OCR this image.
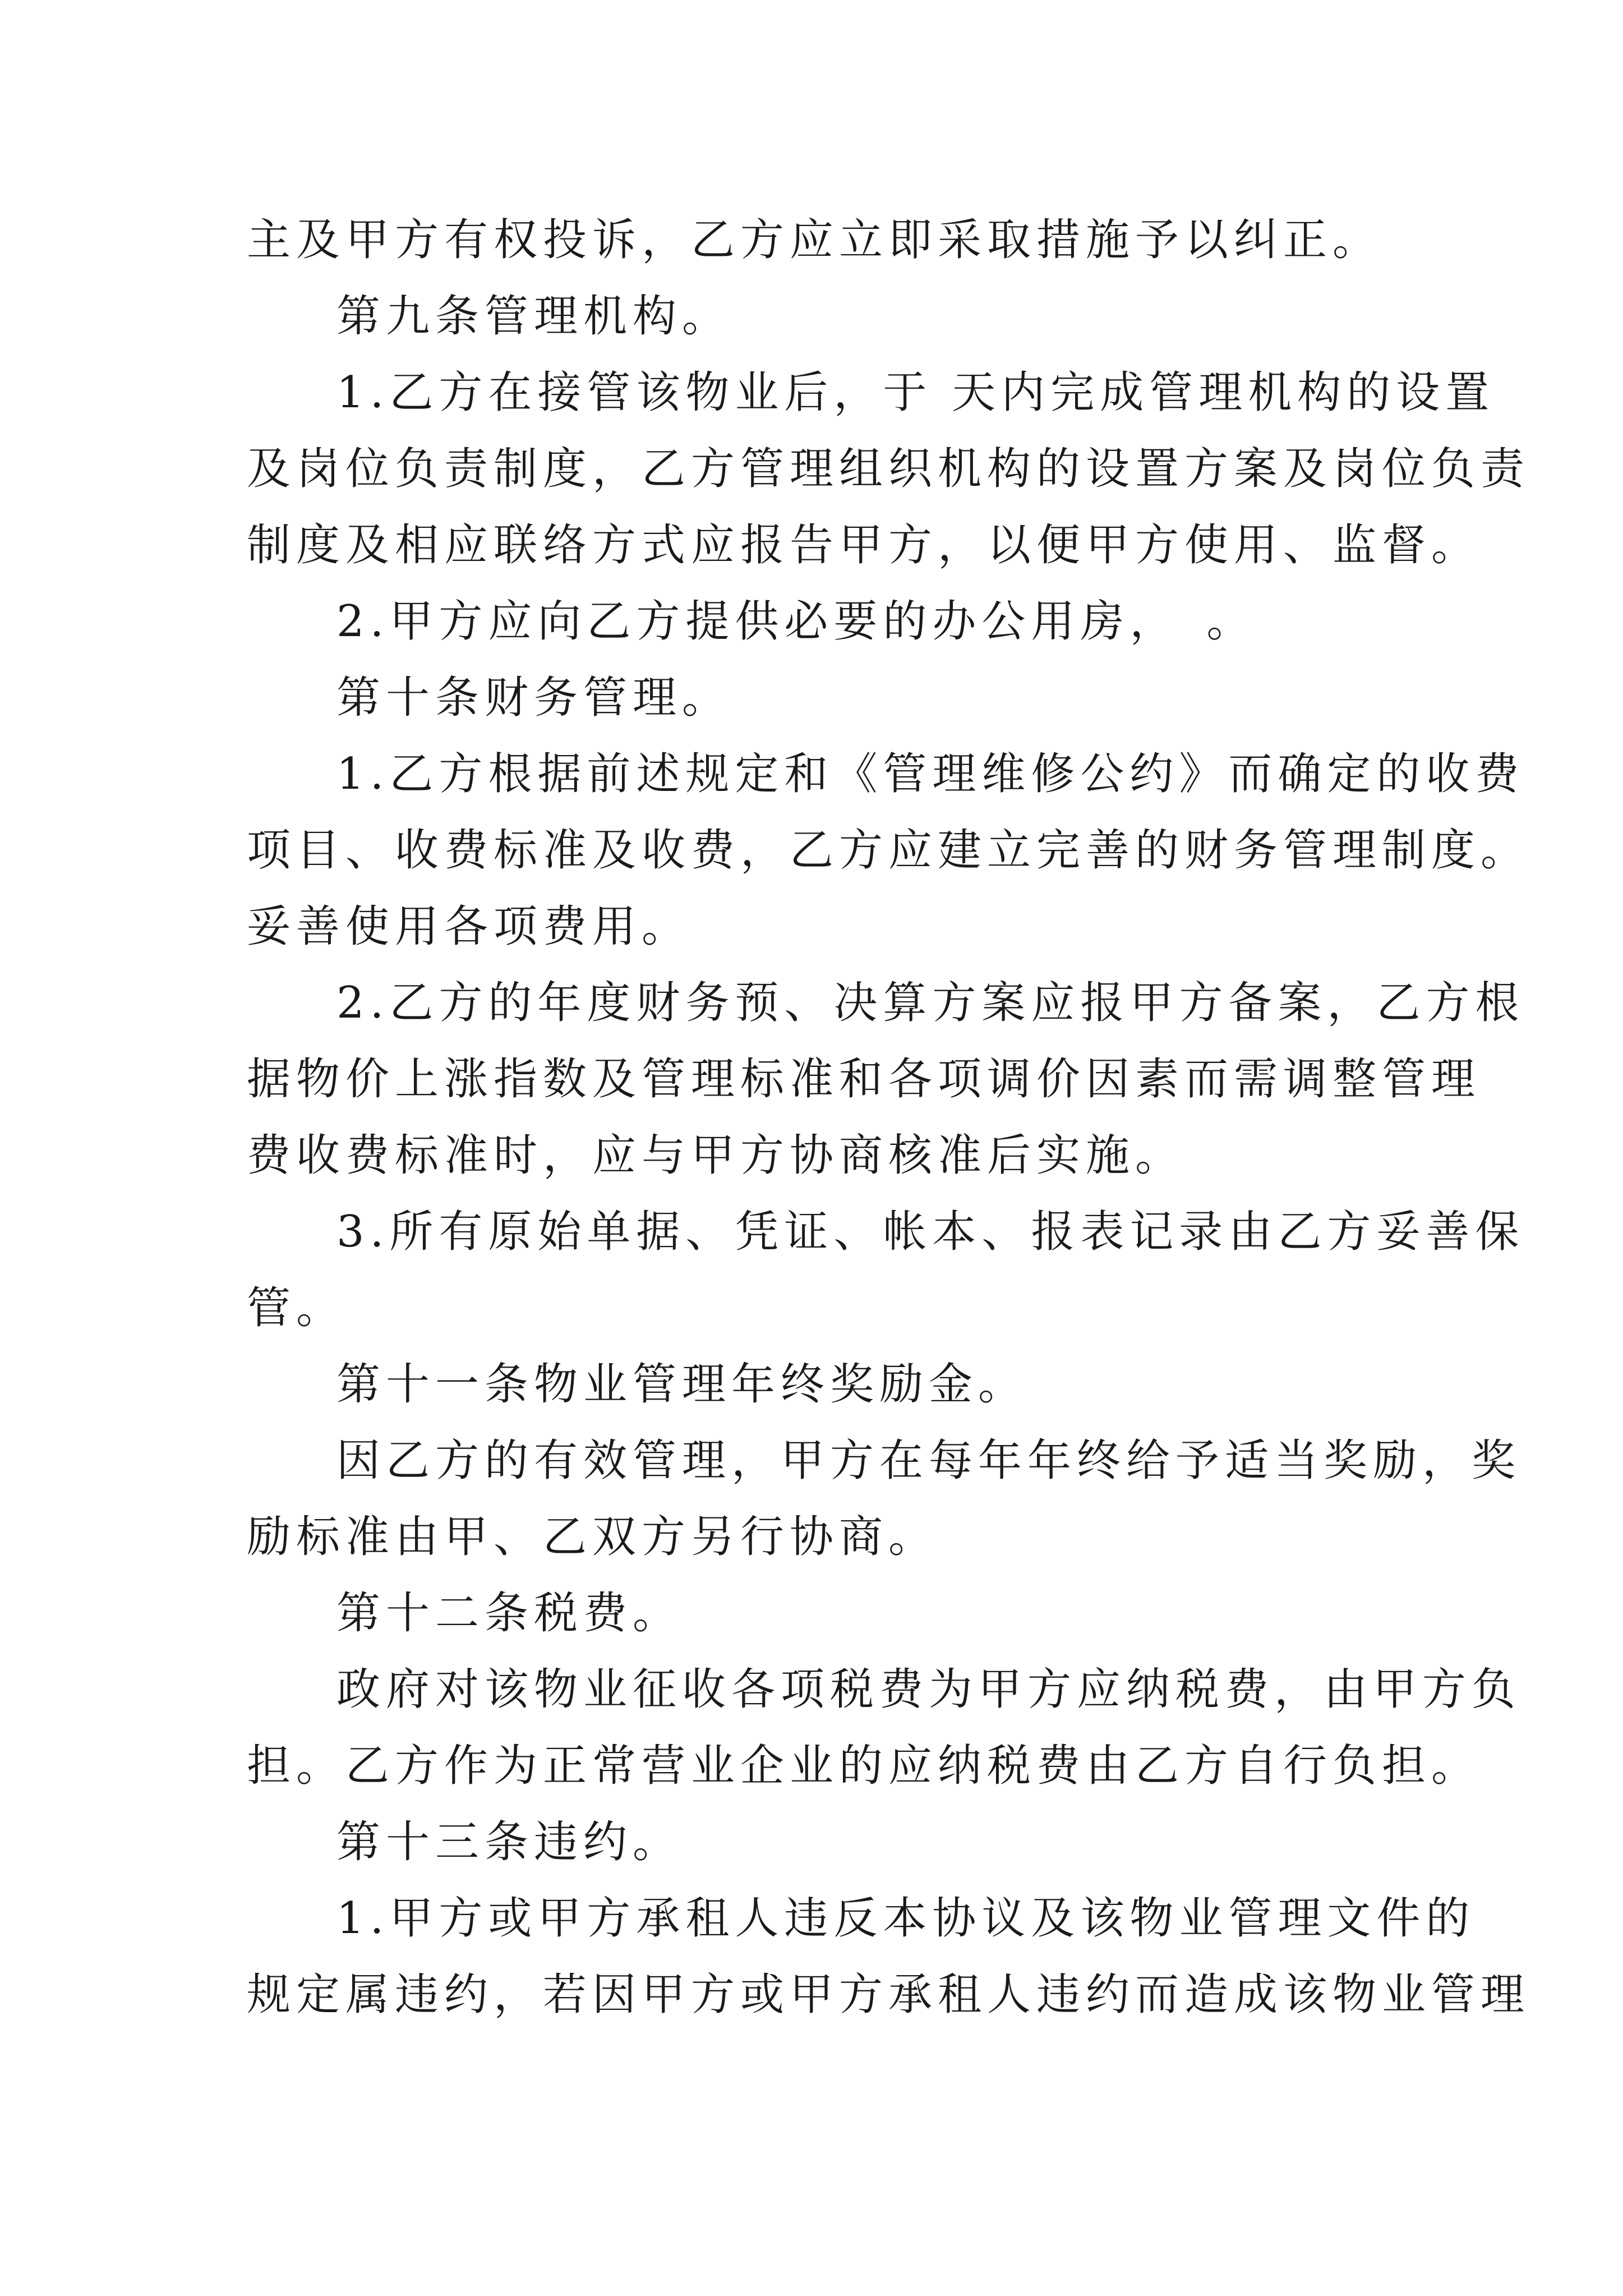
主及甲方有权投诉，乙方应立即采取措施予以纠正。
第九条管理机构。
1.乙方在接管该物业后，于 天内完成管理机构的设置
及岗位负责制度，乙方管理组织机构的设置方案及岗位负责
制度及相应联络方式应报告甲方，以便甲方使用、监督。
2.甲方应向乙方提供必要的办公用房，　。
第十条财务管理。
1.乙方根据前述规定和《管理维修公约》而确定的收费
项目、收费标准及收费，乙方应建立完善的财务管理制度。
妥善使用各项费用。
2.乙方的年度财务预、决算方案应报甲方备案，乙方根
据物价上涨指数及管理标准和各项调价因素而需调整管理
费收费标准时，应与甲方协商核准后实施。
3.所有原始单据、凭证、帐本、报表记录由乙方妥善保
管。
第十一条物业管理年终奖励金。
因乙方的有效管理，甲方在每年年终给予适当奖励，奖
励标准由甲、乙双方另行协商。
第十二条税费。
政府对该物业征收各项税费为甲方应纳税费，由甲方负
担。乙方作为正常营业企业的应纳税费由乙方自行负担。
第十三条违约。
1.甲方或甲方承租人违反本协议及该物业管理文件的
规定属违约，若因甲方或甲方承租人违约而造成该物业管理
